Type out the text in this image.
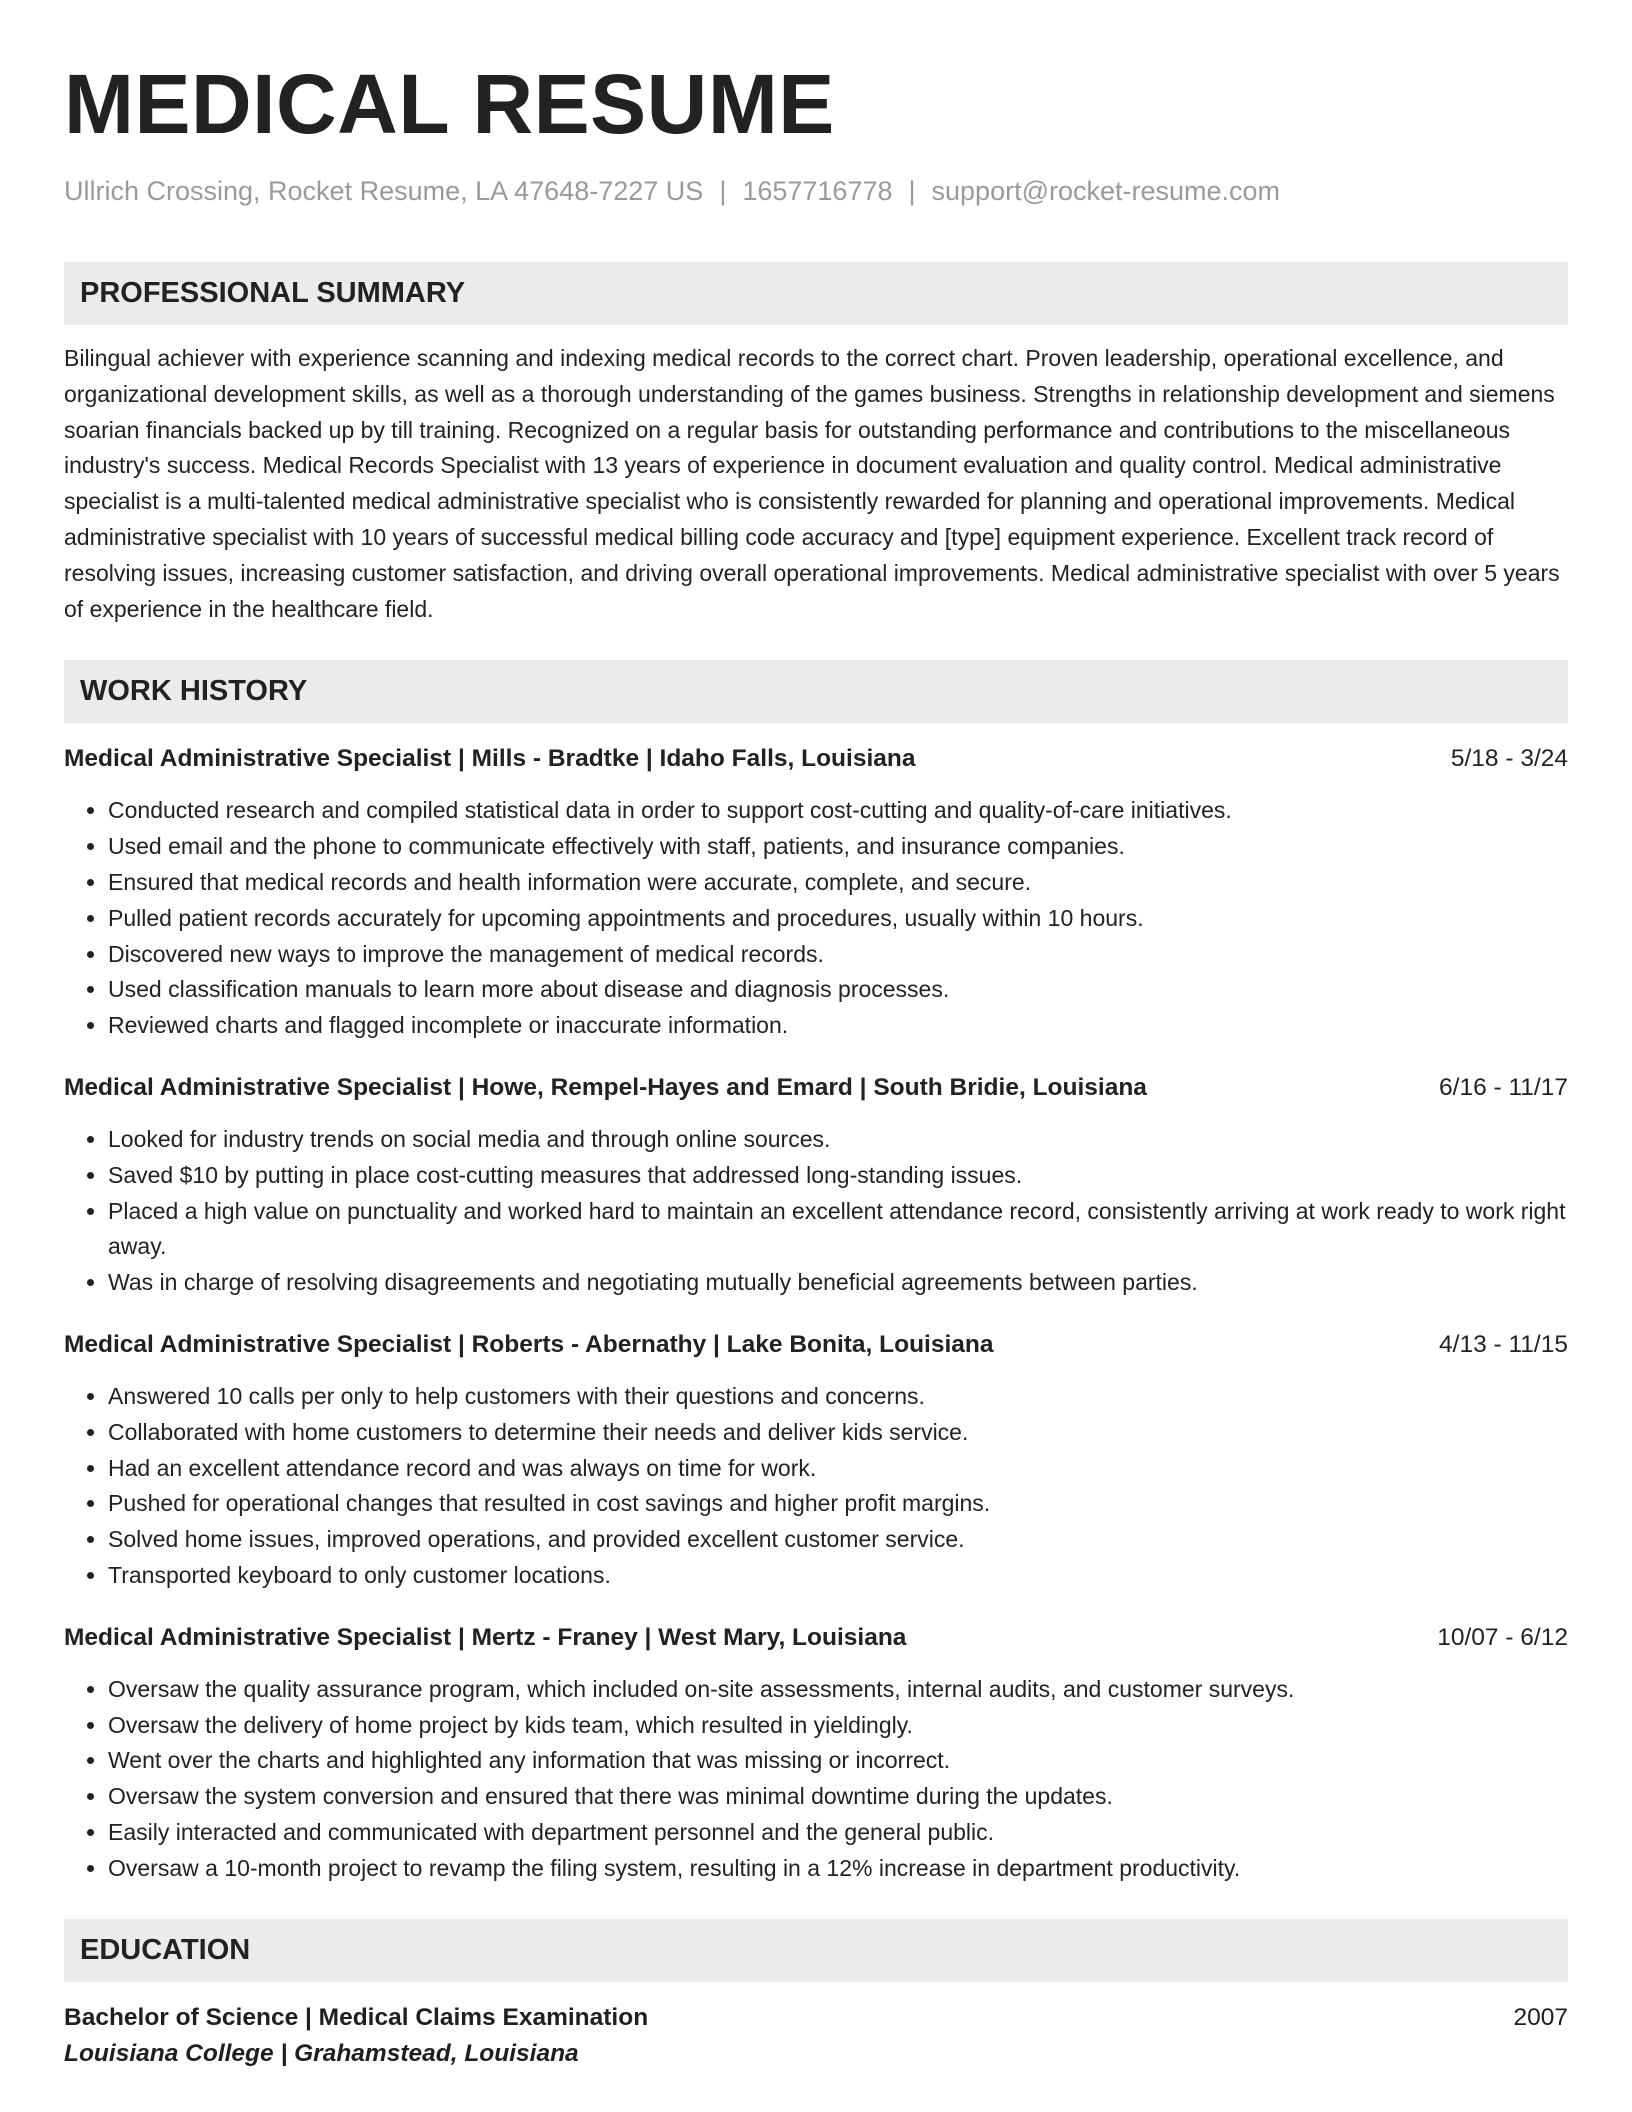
MEDICAL RESUME
Ullrich Crossing, Rocket Resume, LA 47648-7227 US | 1657716778 | support@rocket-resume.com
PROFESSIONAL SUMMARY
Bilingual achiever with experience scanning and indexing medical records to the correct chart. Proven leadership, operational excellence, and organizational development skills, as well as a thorough understanding of the games business. Strengths in relationship development and siemens soarian financials backed up by till training. Recognized on a regular basis for outstanding performance and contributions to the miscellaneous industry's success. Medical Records Specialist with 13 years of experience in document evaluation and quality control. Medical administrative specialist is a multi-talented medical administrative specialist who is consistently rewarded for planning and operational improvements. Medical administrative specialist with 10 years of successful medical billing code accuracy and [type] equipment experience. Excellent track record of resolving issues, increasing customer satisfaction, and driving overall operational improvements. Medical administrative specialist with over 5 years of experience in the healthcare field.
WORK HISTORY
Medical Administrative Specialist | Mills - Bradtke | Idaho Falls, Louisiana	5/18 - 3/24
• Conducted research and compiled statistical data in order to support cost-cutting and quality-of-care initiatives.
• Used email and the phone to communicate effectively with staff, patients, and insurance companies.
• Ensured that medical records and health information were accurate, complete, and secure.
• Pulled patient records accurately for upcoming appointments and procedures, usually within 10 hours.
• Discovered new ways to improve the management of medical records.
• Used classification manuals to learn more about disease and diagnosis processes.
• Reviewed charts and flagged incomplete or inaccurate information.
Medical Administrative Specialist | Howe, Rempel-Hayes and Emard | South Bridie, Louisiana	6/16 - 11/17
• Looked for industry trends on social media and through online sources.
• Saved $10 by putting in place cost-cutting measures that addressed long-standing issues.
• Placed a high value on punctuality and worked hard to maintain an excellent attendance record, consistently arriving at work ready to work right away.
• Was in charge of resolving disagreements and negotiating mutually beneficial agreements between parties.
Medical Administrative Specialist | Roberts - Abernathy | Lake Bonita, Louisiana	4/13 - 11/15
• Answered 10 calls per only to help customers with their questions and concerns.
• Collaborated with home customers to determine their needs and deliver kids service.
• Had an excellent attendance record and was always on time for work.
• Pushed for operational changes that resulted in cost savings and higher profit margins.
• Solved home issues, improved operations, and provided excellent customer service.
• Transported keyboard to only customer locations.
Medical Administrative Specialist | Mertz - Franey | West Mary, Louisiana	10/07 - 6/12
• Oversaw the quality assurance program, which included on-site assessments, internal audits, and customer surveys.
• Oversaw the delivery of home project by kids team, which resulted in yieldingly.
• Went over the charts and highlighted any information that was missing or incorrect.
• Oversaw the system conversion and ensured that there was minimal downtime during the updates.
• Easily interacted and communicated with department personnel and the general public.
• Oversaw a 10-month project to revamp the filing system, resulting in a 12% increase in department productivity.
EDUCATION
Bachelor of Science | Medical Claims Examination	2007
Louisiana College | Grahamstead, Louisiana
